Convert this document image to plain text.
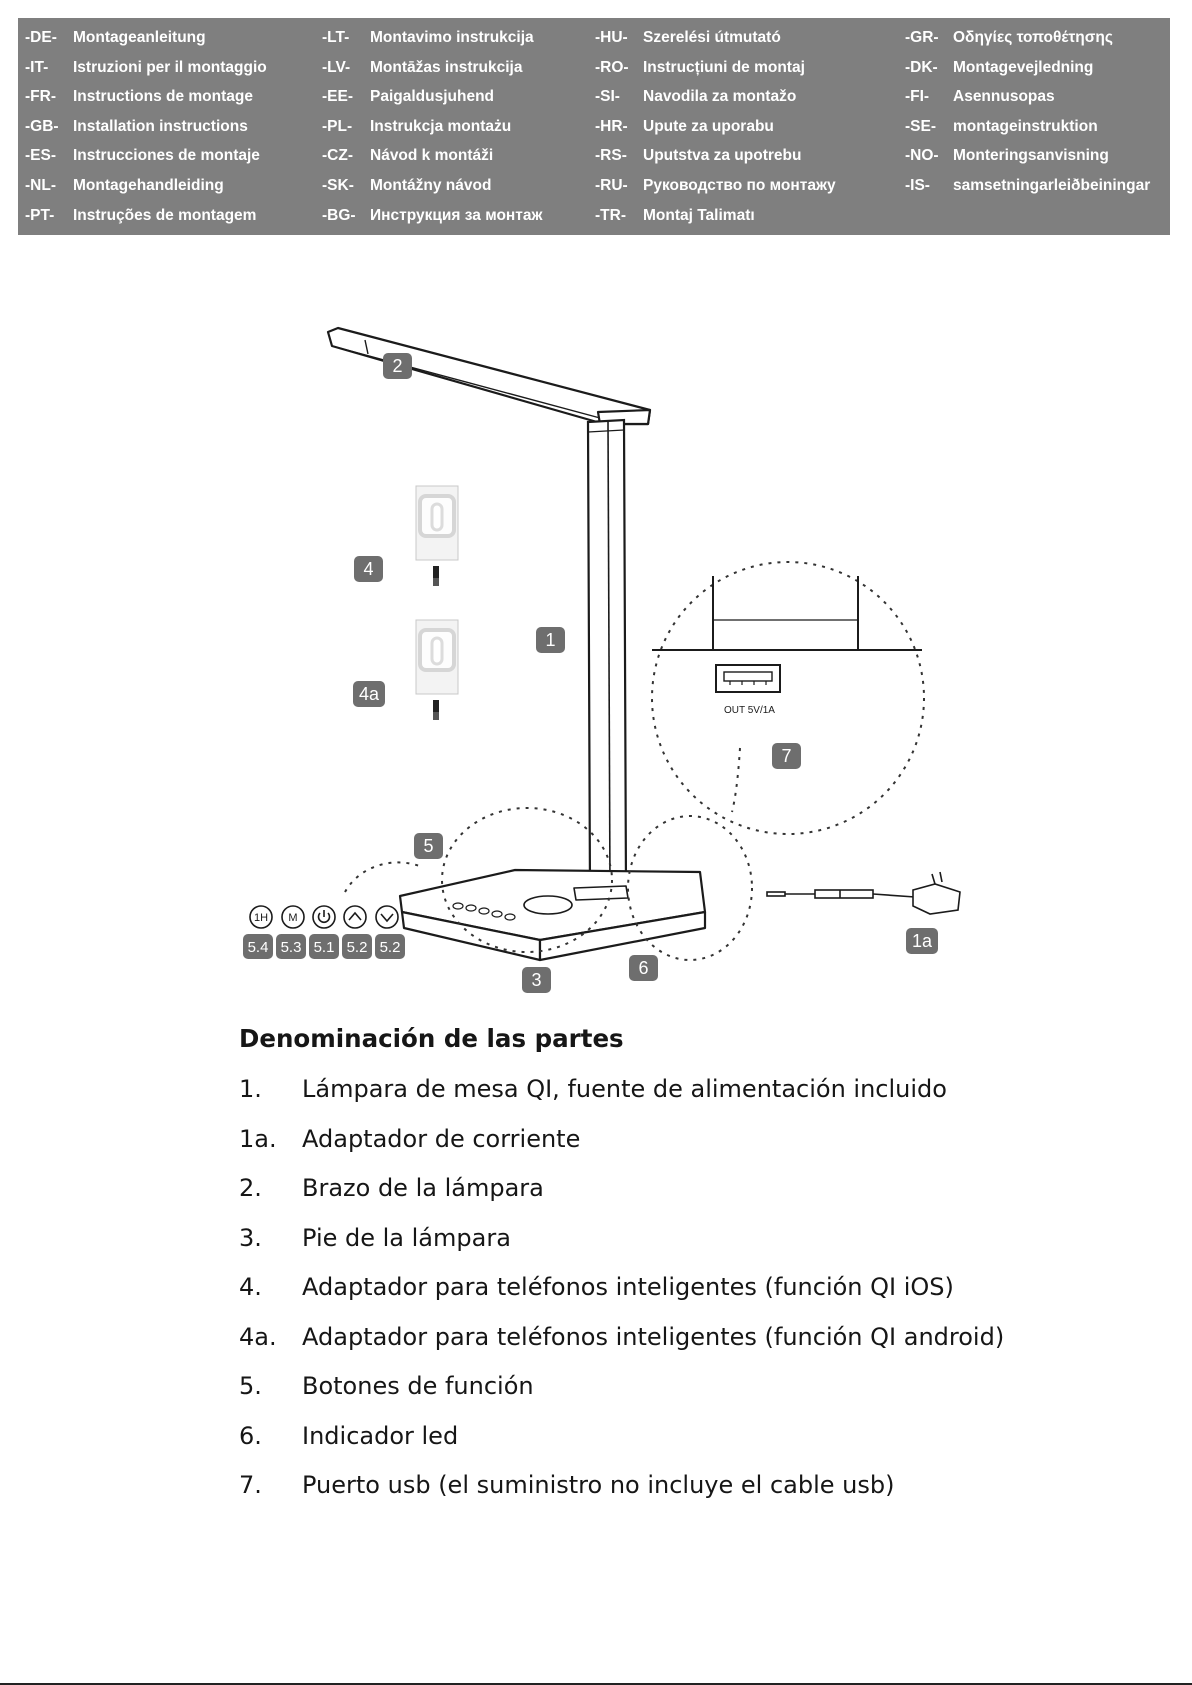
-DE- Montageanleitung
-IT- Istruzioni per il montaggio
-FR- Instructions de montage
-GB- Installation instructions
-ES- Instrucciones de montaje
-NL- Montagehandleiding
-PT- Instruções de montagem
-LT- Montavimo instrukcija
-LV- Montāžas instrukcija
-EE- Paigaldusjuhend
-PL- Instrukcja montażu
-CZ- Návod k montáži
-SK- Montážny návod
-BG- Инструкция за монтаж
-HU- Szerelési útmutató
-RO- Instrucțiuni de montaj
-SI- Navodila za montažo
-HR- Upute za uporabu
-RS- Uputstva za upotrebu
-RU- Руководство по монтажу
-TR- Montaj Talimatı
-GR- Οδηγίες τοποθέτησης
-DK- Montagevejledning
-FI- Asennusopas
-SE- montageinstruktion
-NO- Monteringsanvisning
-IS- samsetningarleiðbeiningar
OUT 5V/1A
1H M
2
4
1
4a
7
5
1a
5.4 5.3 5.1 5.2 5.2
6
3
Denominación de las partes
1. Lámpara de mesa QI, fuente de alimentación incluido
1a. Adaptador de corriente
2. Brazo de la lámpara
3. Pie de la lámpara
4. Adaptador para teléfonos inteligentes (función QI iOS)
4a. Adaptador para teléfonos inteligentes (función QI android)
5. Botones de función
6. Indicador led
7. Puerto usb (el suministro no incluye el cable usb)
